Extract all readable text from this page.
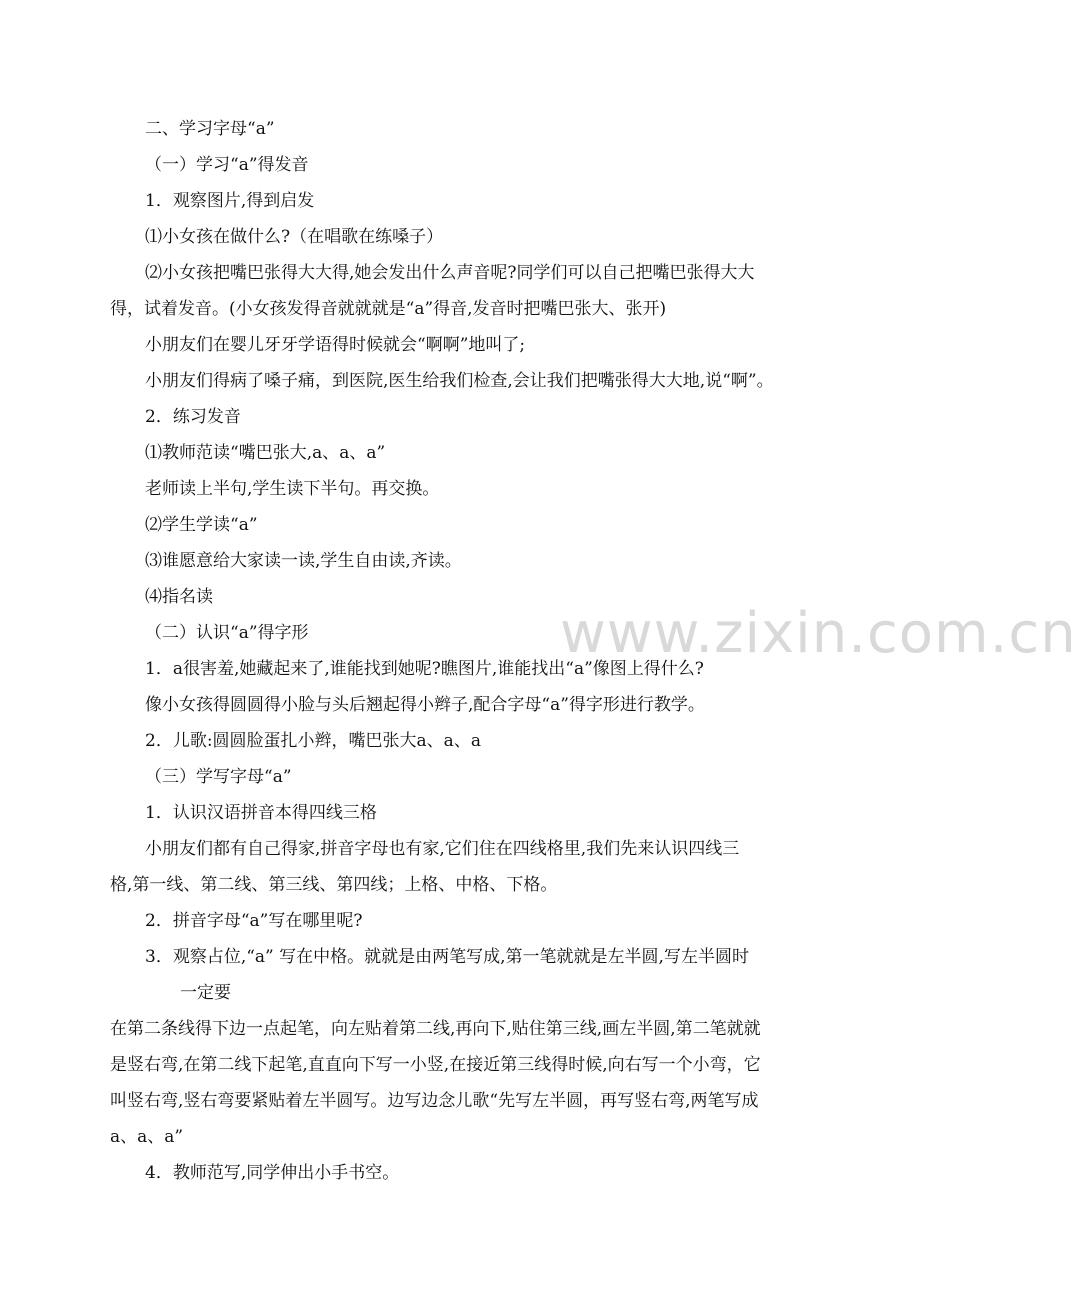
www.zixin.com.cn
二、学习字母“a”
（一）学习“a”得发音
1．观察图片,得到启发
⑴小女孩在做什么?（在唱歌在练嗓子）
⑵小女孩把嘴巴张得大大得,她会发出什么声音呢?同学们可以自己把嘴巴张得大大
得，试着发音。(小女孩发得音就就就是“a”得音,发音时把嘴巴张大、张开)
小朋友们在婴儿牙牙学语得时候就会“啊啊”地叫了;
小朋友们得病了嗓子痛，到医院,医生给我们检查,会让我们把嘴张得大大地,说“啊”。
2．练习发音
⑴教师范读“嘴巴张大,a、a、a”
老师读上半句,学生读下半句。再交换。
⑵学生学读“a”
⑶谁愿意给大家读一读,学生自由读,齐读。
⑷指名读
（二）认识“a”得字形
1．a很害羞,她藏起来了,谁能找到她呢?瞧图片,谁能找出“a”像图上得什么?
像小女孩得圆圆得小脸与头后翘起得小辫子,配合字母“a”得字形进行教学。
2．儿歌:圆圆脸蛋扎小辫，嘴巴张大a、a、a
（三）学写字母“a”
1．认识汉语拼音本得四线三格
小朋友们都有自己得家,拼音字母也有家,它们住在四线格里,我们先来认识四线三
格,第一线、第二线、第三线、第四线；上格、中格、下格。
2．拼音字母“a”写在哪里呢?
3．观察占位,“a” 写在中格。就就是由两笔写成,第一笔就就是左半圆,写左半圆时
一定要
在第二条线得下边一点起笔，向左贴着第二线,再向下,贴住第三线,画左半圆,第二笔就就
是竖右弯,在第二线下起笔,直直向下写一小竖,在接近第三线得时候,向右写一个小弯，它
叫竖右弯,竖右弯要紧贴着左半圆写。边写边念儿歌“先写左半圆，再写竖右弯,两笔写成
a、a、a”
4．教师范写,同学伸出小手书空。
